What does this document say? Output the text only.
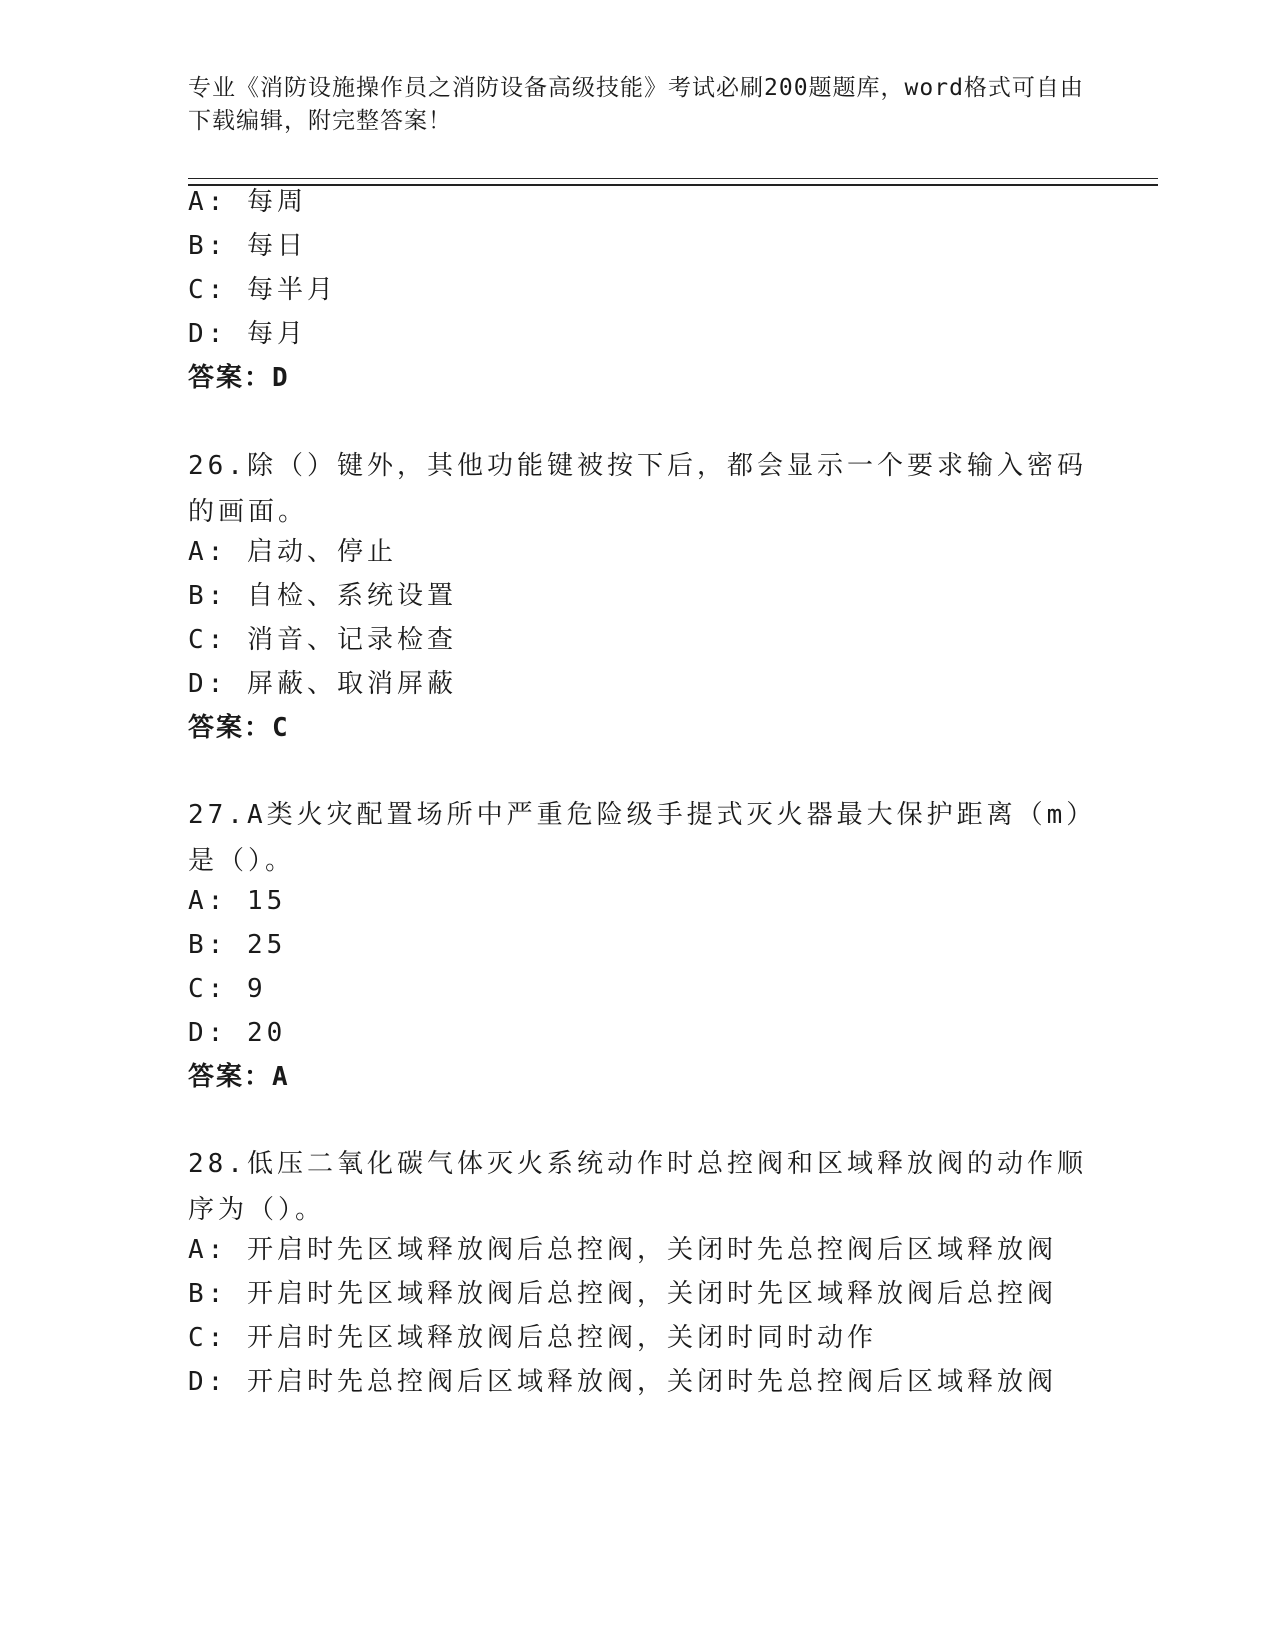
专业《消防设施操作员之消防设备高级技能》考试必刷200题题库，word格式可自由下载编辑，附完整答案！
A: 每周
B: 每日
C: 每半月
D: 每月
答案：D
26.除（）键外，其他功能键被按下后，都会显示一个要求输入密码的画面。
A: 启动、停止
B: 自检、系统设置
C: 消音、记录检查
D: 屏蔽、取消屏蔽
答案：C
27.A类火灾配置场所中严重危险级手提式灭火器最大保护距离（m）是（）。
A: 15
B: 25
C: 9
D: 20
答案：A
28.低压二氧化碳气体灭火系统动作时总控阀和区域释放阀的动作顺序为（）。
A: 开启时先区域释放阀后总控阀，关闭时先总控阀后区域释放阀
B: 开启时先区域释放阀后总控阀，关闭时先区域释放阀后总控阀
C: 开启时先区域释放阀后总控阀，关闭时同时动作
D: 开启时先总控阀后区域释放阀，关闭时先总控阀后区域释放阀
